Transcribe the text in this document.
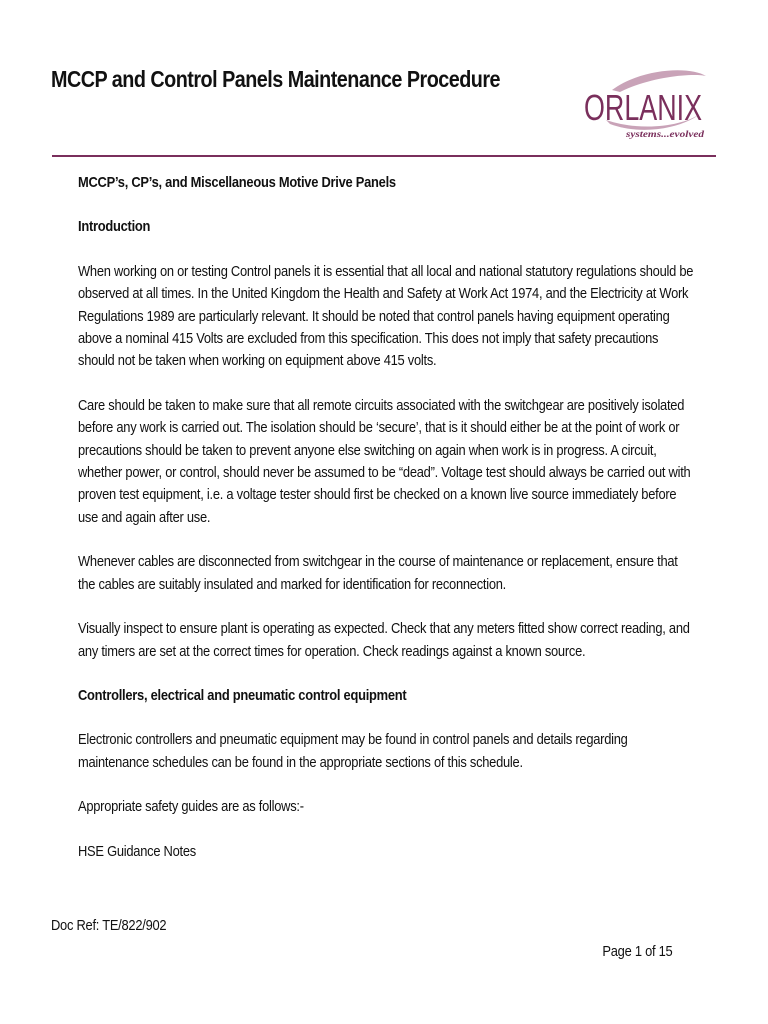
MCCP and Control Panels Maintenance Procedure
ORLANIX
systems...evolved
MCCP’s, CP’s, and Miscellaneous Motive Drive Panels
Introduction

When working on or testing Control panels it is essential that all local and national statutory regulations should be observed at all times. In the United Kingdom the Health and Safety at Work Act 1974, and the Electricity at Work Regulations 1989 are particularly relevant. It should be noted that control panels having equipment operating above a nominal 415 Volts are excluded from this specification. This does not imply that safety precautions should not be taken when working on equipment above 415 volts.

Care should be taken to make sure that all remote circuits associated with the switchgear are positively isolated before any work is carried out. The isolation should be ‘secure’, that is it should either be at the point of work or precautions should be taken to prevent anyone else switching on again when work is in progress. A circuit, whether power, or control, should never be assumed to be “dead”. Voltage test should always be carried out with proven test equipment, i.e. a voltage tester should first be checked on a known live source immediately before use and again after use.

Whenever cables are disconnected from switchgear in the course of maintenance or replacement, ensure that the cables are suitably insulated and marked for identification for reconnection.

Visually inspect to ensure plant is operating as expected. Check that any meters fitted show correct reading, and any timers are set at the correct times for operation. Check readings against a known source.

Controllers, electrical and pneumatic control equipment

Electronic controllers and pneumatic equipment may be found in control panels and details regarding maintenance schedules can be found in the appropriate sections of this schedule.

Appropriate safety guides are as follows:-

HSE Guidance Notes

Doc Ref: TE/822/902
Page 1 of 15
